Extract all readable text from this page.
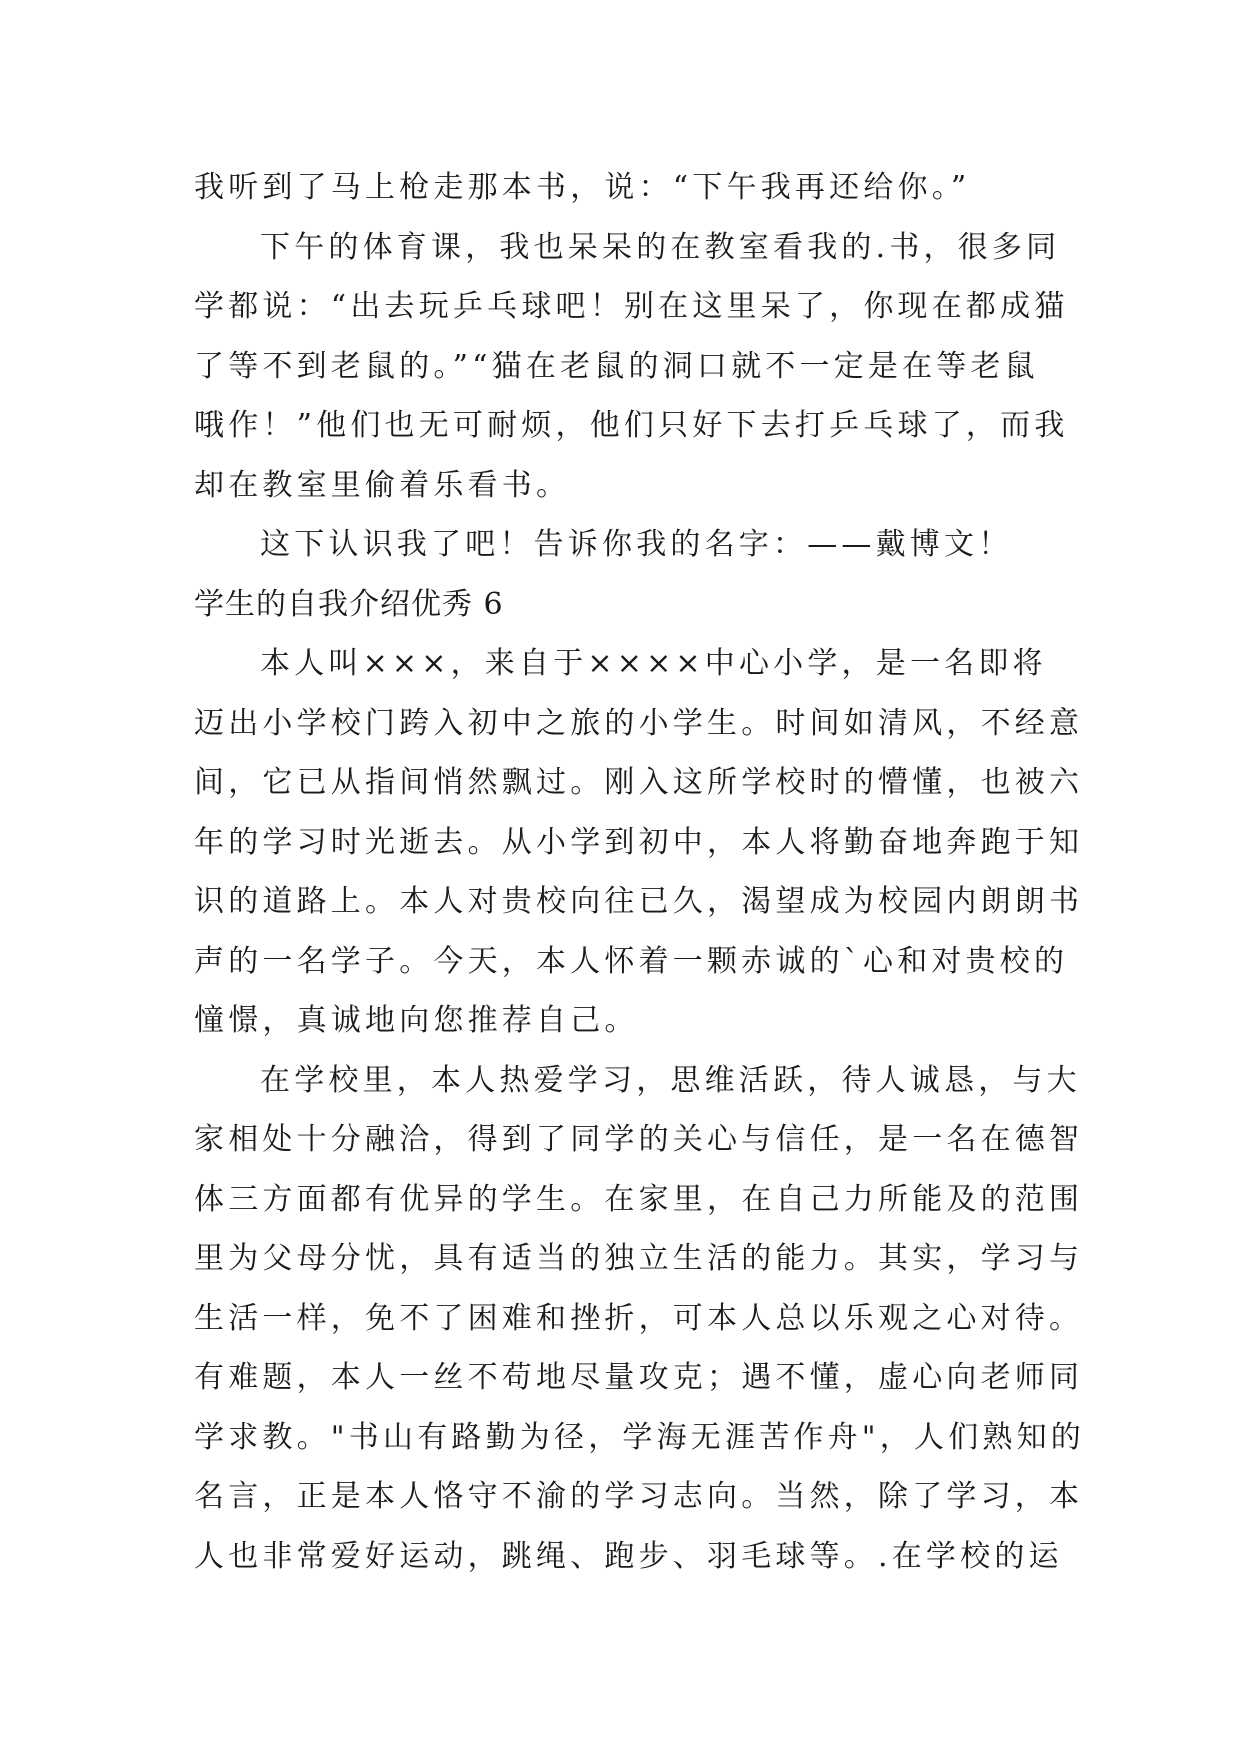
我听到了马上枪走那本书，说：“下午我再还给你。”
下午的体育课，我也呆呆的在教室看我的.书，很多同
学都说：“出去玩乒乓球吧！别在这里呆了，你现在都成猫
了等不到老鼠的。”“猫在老鼠的洞口就不一定是在等老鼠
哦作！”他们也无可耐烦，他们只好下去打乒乓球了，而我
却在教室里偷着乐看书。
这下认识我了吧！告诉你我的名字：——戴博文！
学生的自我介绍优秀 6
本人叫×××，来自于××××中心小学，是一名即将
迈出小学校门跨入初中之旅的小学生。时间如清风，不经意
间，它已从指间悄然飘过。刚入这所学校时的懵懂，也被六
年的学习时光逝去。从小学到初中，本人将勤奋地奔跑于知
识的道路上。本人对贵校向往已久，渴望成为校园内朗朗书
声的一名学子。今天，本人怀着一颗赤诚的`心和对贵校的
憧憬，真诚地向您推荐自己。
在学校里，本人热爱学习，思维活跃，待人诚恳，与大
家相处十分融洽，得到了同学的关心与信任，是一名在德智
体三方面都有优异的学生。在家里，在自己力所能及的范围
里为父母分忧，具有适当的独立生活的能力。其实，学习与
生活一样，免不了困难和挫折，可本人总以乐观之心对待。
有难题，本人一丝不苟地尽量攻克；遇不懂，虚心向老师同
学求教。"书山有路勤为径，学海无涯苦作舟"，人们熟知的
名言，正是本人恪守不渝的学习志向。当然，除了学习，本
人也非常爱好运动，跳绳、跑步、羽毛球等。.在学校的运
